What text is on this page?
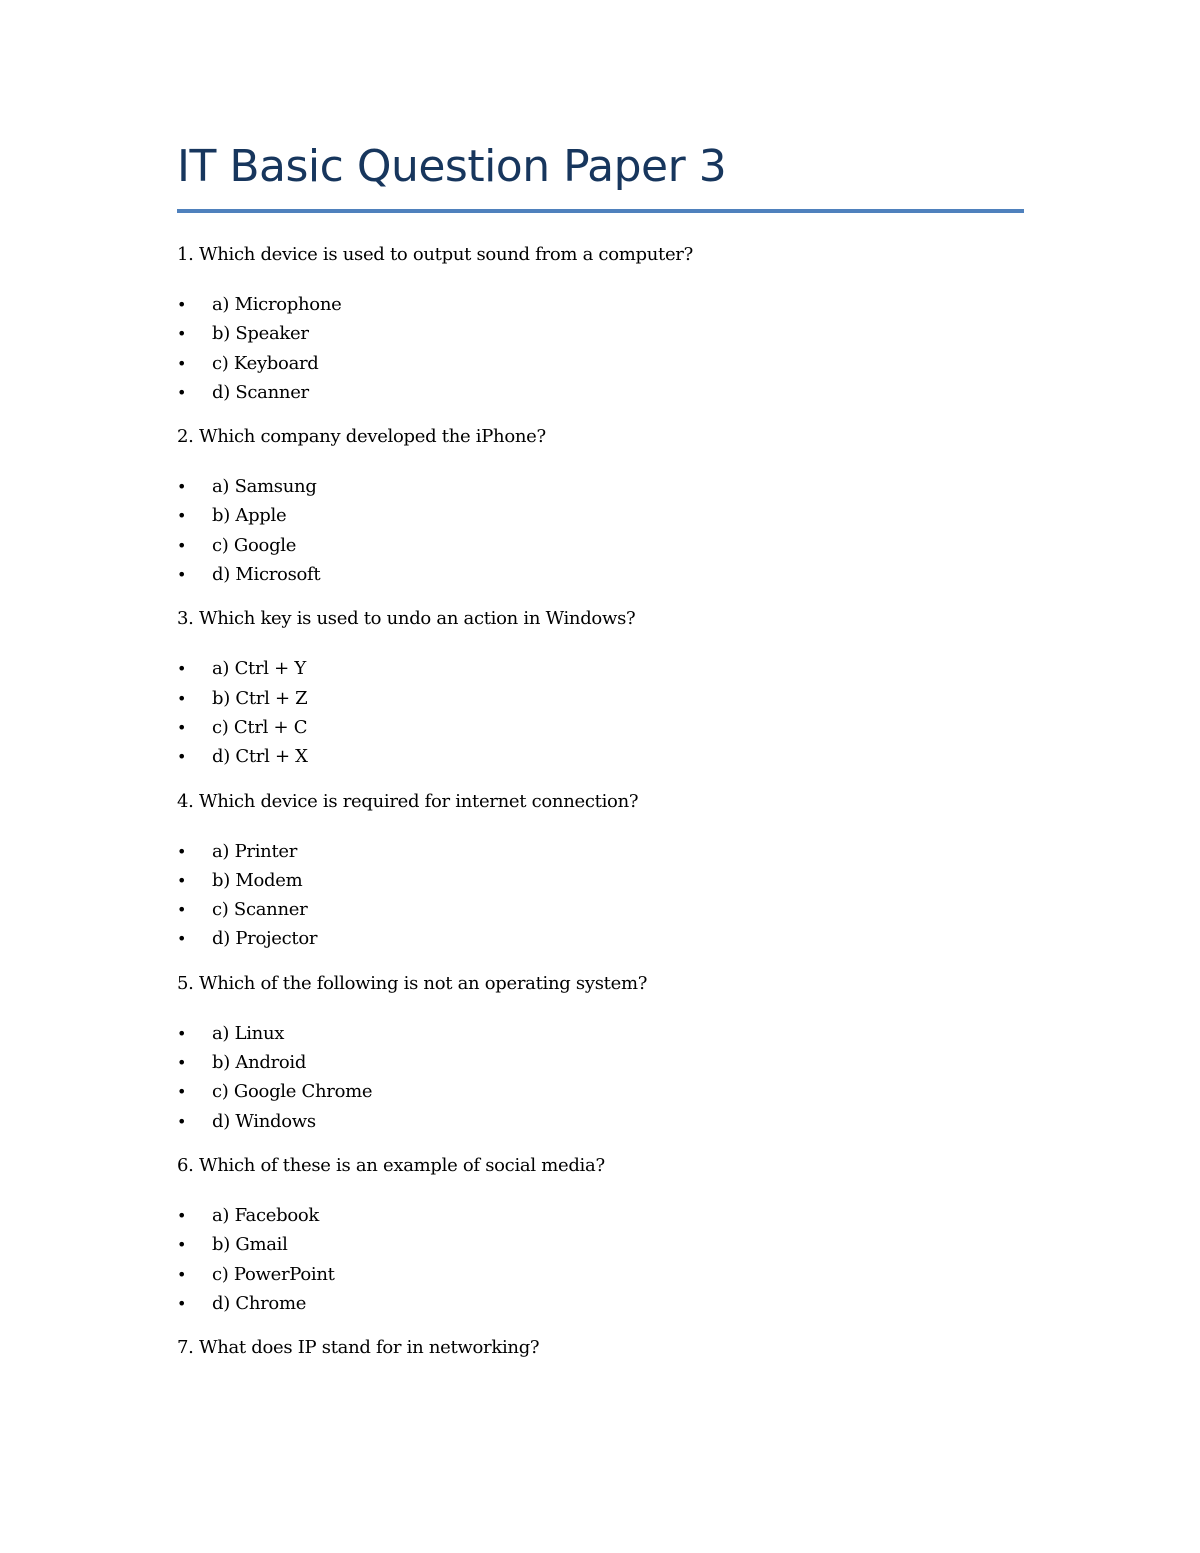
IT Basic Question Paper 3

1. Which device is used to output sound from a computer?

• a) Microphone
• b) Speaker
• c) Keyboard
• d) Scanner

2. Which company developed the iPhone?

• a) Samsung
• b) Apple
• c) Google
• d) Microsoft

3. Which key is used to undo an action in Windows?

• a) Ctrl + Y
• b) Ctrl + Z
• c) Ctrl + C
• d) Ctrl + X

4. Which device is required for internet connection?

• a) Printer
• b) Modem
• c) Scanner
• d) Projector

5. Which of the following is not an operating system?

• a) Linux
• b) Android
• c) Google Chrome
• d) Windows

6. Which of these is an example of social media?

• a) Facebook
• b) Gmail
• c) PowerPoint
• d) Chrome

7. What does IP stand for in networking?
